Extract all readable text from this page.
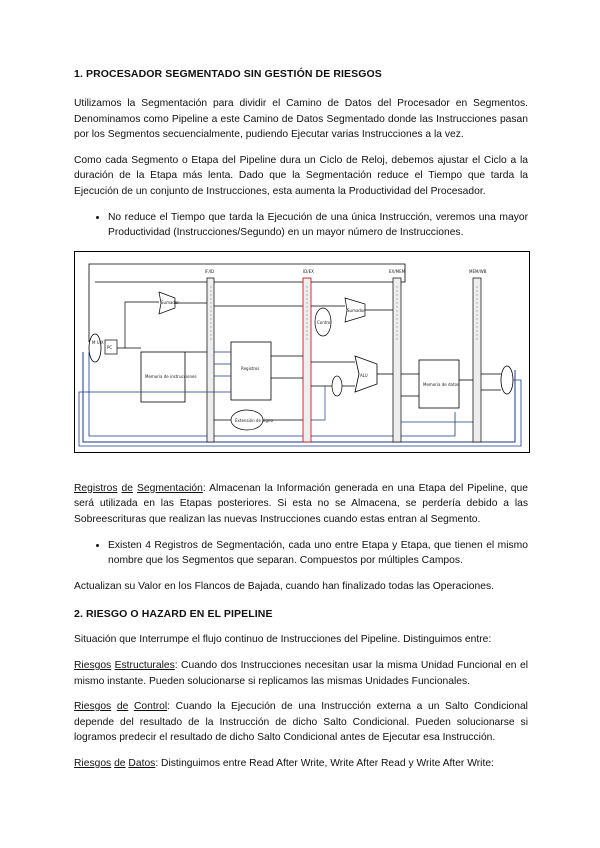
1. PROCESADOR SEGMENTADO SIN GESTIÓN DE RIESGOS

Utilizamos la Segmentación para dividir el Camino de Datos del Procesador en Segmentos. Denominamos como Pipeline a este Camino de Datos Segmentado donde las Instrucciones pasan por los Segmentos secuencialmente, pudiendo Ejecutar varias Instrucciones a la vez.

Como cada Segmento o Etapa del Pipeline dura un Ciclo de Reloj, debemos ajustar el Ciclo a la duración de la Etapa más lenta. Dado que la Segmentación reduce el Tiempo que tarda la Ejecución de un conjunto de Instrucciones, esta aumenta la Productividad del Procesador.

• No reduce el Tiempo que tarda la Ejecución de una única Instrucción, veremos una mayor Productividad (Instrucciones/Segundo) en un mayor número de Instrucciones.
M U X
PC
Sumador
Memoria de instrucciones
IF/ID
Registros
Extensión de signo
ID/EX
Control
Sumador
ALU
EX/MEM
Memoria de datos
MEM/WB

Registros de Segmentación: Almacenan la Información generada en una Etapa del Pipeline, que será utilizada en las Etapas posteriores. Si esta no se Almacena, se perdería debido a las Sobreescrituras que realizan las nuevas Instrucciones cuando estas entran al Segmento.

• Existen 4 Registros de Segmentación, cada uno entre Etapa y Etapa, que tienen el mismo nombre que los Segmentos que separan. Compuestos por múltiples Campos.

Actualizan su Valor en los Flancos de Bajada, cuando han finalizado todas las Operaciones.

2. RIESGO O HAZARD EN EL PIPELINE

Situación que Interrumpe el flujo continuo de Instrucciones del Pipeline. Distinguimos entre:

Riesgos Estructurales: Cuando dos Instrucciones necesitan usar la misma Unidad Funcional en el mismo instante. Pueden solucionarse si replicamos las mismas Unidades Funcionales.

Riesgos de Control: Cuando la Ejecución de una Instrucción externa a un Salto Condicional depende del resultado de la Instrucción de dicho Salto Condicional. Pueden solucionarse si logramos predecir el resultado de dicho Salto Condicional antes de Ejecutar esa Instrucción.

Riesgos de Datos: Distinguimos entre Read After Write, Write After Read y Write After Write:
